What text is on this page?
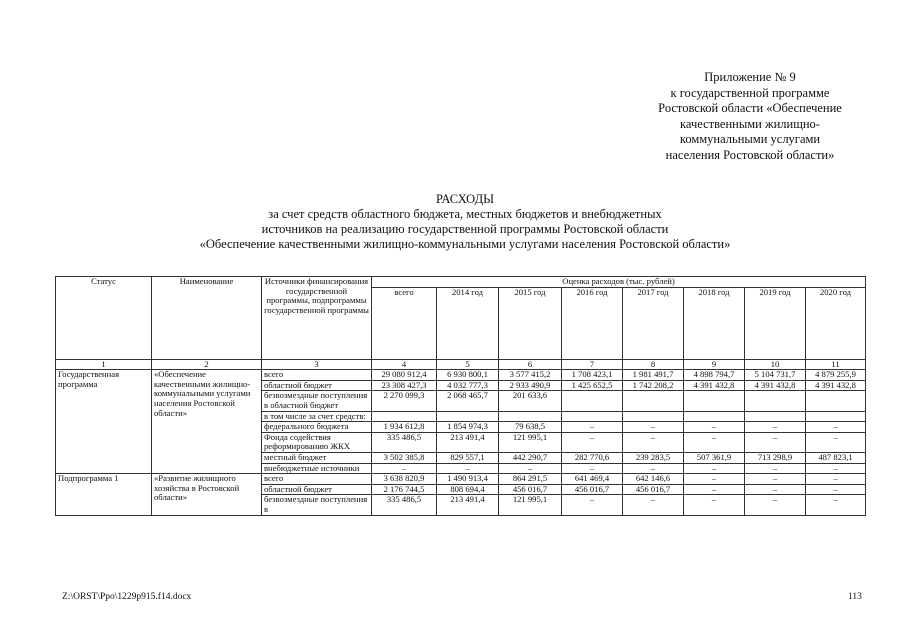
Приложение № 9
к государственной программе
Ростовской области «Обеспечение
качественными жилищно-
коммунальными услугами
населения Ростовской области»
РАСХОДЫ
за счет средств областного бюджета, местных бюджетов и внебюджетных
источников на реализацию государственной программы Ростовской области
«Обеспечение качественными жилищно-коммунальными услугами населения Ростовской области»
Статус	Наименование	Источники финансирования государственной программы, подпрограммы государственной программы	Оценка расходов (тыс. рублей)							
			всего	2014 год	2015 год	2016 год	2017 год	2018 год	2019 год	2020 год
1	2	3	4	5	6	7	8	9	10	11
Государственная программа	«Обеспечение качественными жилищно-коммунальными услугами населения Ростовской области»	всего	29 080 912,4	6 930 800,1	3 577 415,2	1 708 423,1	1 981 491,7	4 898 794,7	5 104 731,7	4 879 255,9
		областной бюджет	23 308 427,3	4 032 777,3	2 933 490,9	1 425 652,5	1 742 208,2	4 391 432,8	4 391 432,8	4 391 432,8
		безвозмездные поступления в областной бюджет	2 270 099,3	2 068 465,7	201 633,6					
		в том числе за счет средств:								
		федерального бюджета	1 934 612,8	1 854 974,3	79 638,5	–	–	–	–	–
		Фонда содействия реформированию ЖКХ	335 486,5	213 491,4	121 995,1	–	–	–	–	–
		местный бюджет	3 502 385,8	829 557,1	442 290,7	282 770,6	239 283,5	507 361,9	713 298,9	487 823,1
		внебюджетные источники	–	–	–	–	–	–	–	–
Подпрограмма 1	«Развитие жилищного хозяйства в Ростовской области»	всего	3 638 820,9	1 490 913,4	864 291,5	641 469,4	642 146,6	–	–	–
		областной бюджет	2 176 744,5	808 694,4	456 016,7	456 016,7	456 016,7	–	–	–
		безвозмездные поступления в	335 486,5	213 491,4	121 995,1	–	–	–	–	–
Z:\ORST\Ppo\1229p915.f14.docx	113
